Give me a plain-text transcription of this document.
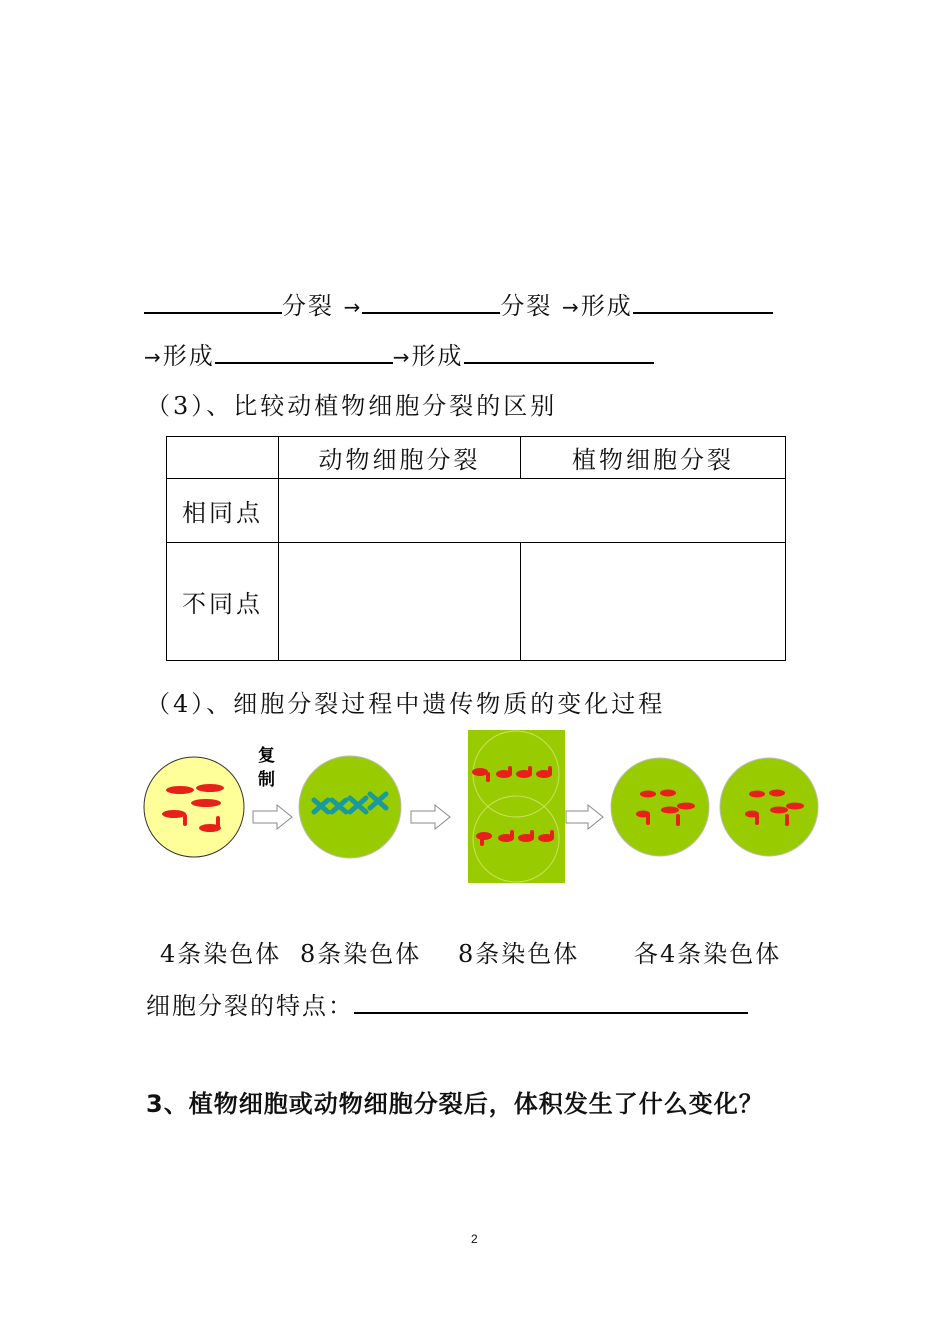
分裂 →	分裂 →形成
→形成	→形成
（3）、比较动植物细胞分裂的区别
	动物细胞分裂	植物细胞分裂
相同点		
不同点		
（4）、细胞分裂过程中遗传物质的变化过程
复
制
4条染色体 8条染色体 8条染色体 各4条染色体
细胞分裂的特点：
3、植物细胞或动物细胞分裂后，体积发生了什么变化？
2
